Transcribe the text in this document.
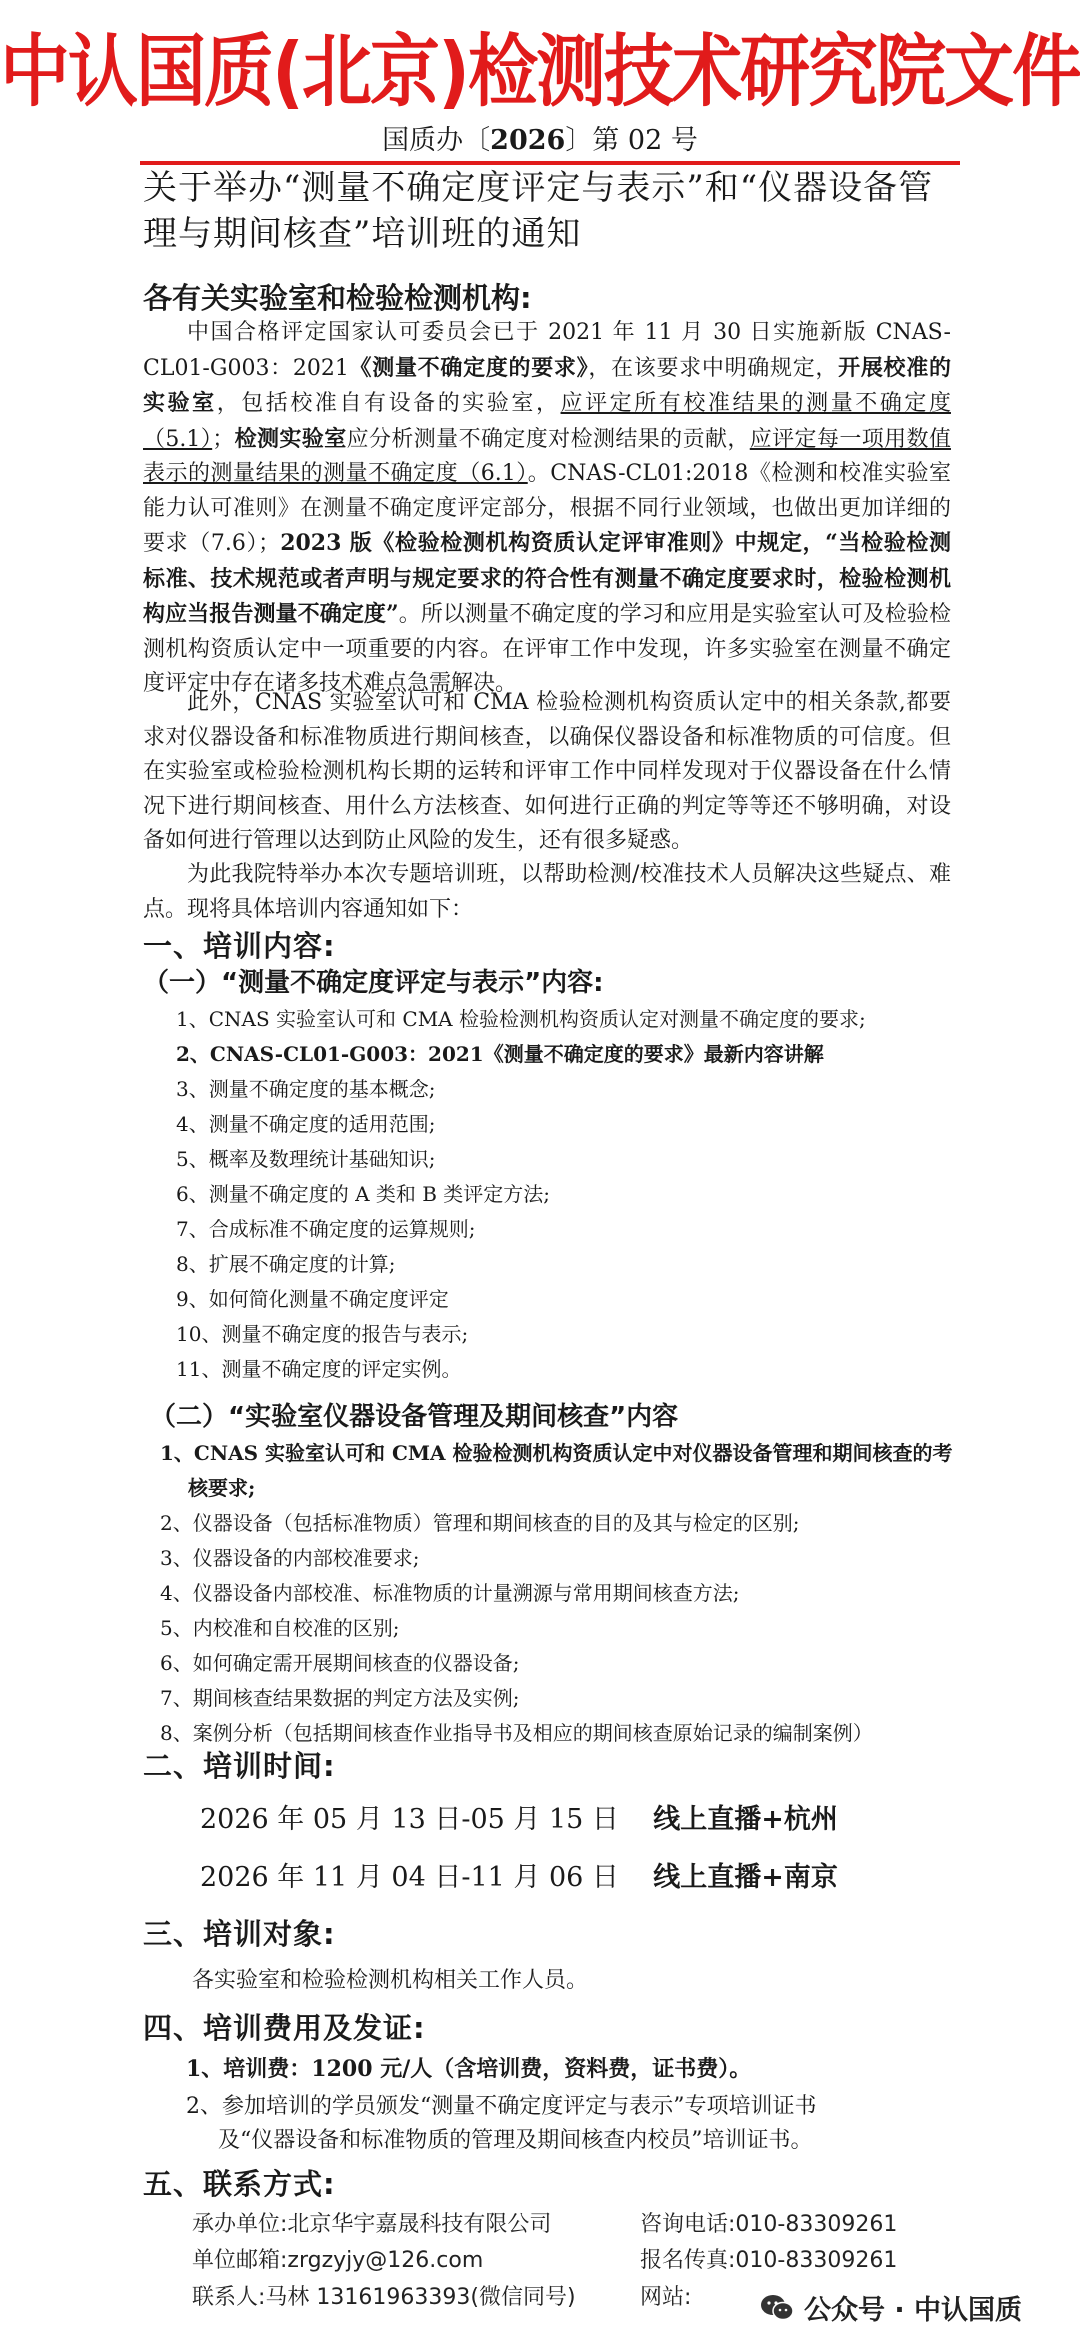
中认国质(北京)检测技术研究院文件
国质办〔2026〕第 02 号
关于举办“测量不确定度评定与表示”和“仪器设备管
理与期间核查”培训班的通知
各有关实验室和检验检测机构:

中国合格评定国家认可委员会已于 2021 年 11 月 30 日实施新版 CNAS-CL01-G003：2021《测量不确定度的要求》，在该要求中明确规定，开展校准的实验室，包括校准自有设备的实验室，应评定所有校准结果的测量不确定度（5.1）；检测实验室应分析测量不确定度对检测结果的贡献，应评定每一项用数值表示的测量结果的测量不确定度（6.1）。CNAS-CL01:2018《检测和校准实验室能力认可准则》在测量不确定度评定部分，根据不同行业领域，也做出更加详细的要求（7.6）；2023 版《检验检测机构资质认定评审准则》中规定，“当检验检测标准、技术规范或者声明与规定要求的符合性有测量不确定度要求时，检验检测机构应当报告测量不确定度”。所以测量不确定度的学习和应用是实验室认可及检验检测机构资质认定中一项重要的内容。在评审工作中发现，许多实验室在测量不确定度评定中存在诸多技术难点急需解决。

此外，CNAS 实验室认可和 CMA 检验检测机构资质认定中的相关条款,都要求对仪器设备和标准物质进行期间核查，以确保仪器设备和标准物质的可信度。但在实验室或检验检测机构长期的运转和评审工作中同样发现对于仪器设备在什么情况下进行期间核查、用什么方法核查、如何进行正确的判定等等还不够明确，对设备如何进行管理以达到防止风险的发生，还有很多疑惑。

为此我院特举办本次专题培训班，以帮助检测/校准技术人员解决这些疑点、难点。现将具体培训内容通知如下：

一、培训内容:
（一）“测量不确定度评定与表示”内容:
1、CNAS 实验室认可和 CMA 检验检测机构资质认定对测量不确定度的要求;
2、CNAS-CL01-G003：2021《测量不确定度的要求》最新内容讲解
3、测量不确定度的基本概念;
4、测量不确定度的适用范围;
5、概率及数理统计基础知识;
6、测量不确定度的 A 类和 B 类评定方法;
7、合成标准不确定度的运算规则;
8、扩展不确定度的计算;
9、如何简化测量不确定度评定
10、测量不确定度的报告与表示;
11、测量不确定度的评定实例。
（二）“实验室仪器设备管理及期间核查”内容
1、CNAS 实验室认可和 CMA 检验检测机构资质认定中对仪器设备管理和期间核查的考核要求;
2、仪器设备（包括标准物质）管理和期间核查的目的及其与检定的区别;
3、仪器设备的内部校准要求;
4、仪器设备内部校准、标准物质的计量溯源与常用期间核查方法;
5、内校准和自校准的区别;
6、如何确定需开展期间核查的仪器设备;
7、期间核查结果数据的判定方法及实例;
8、案例分析（包括期间核查作业指导书及相应的期间核查原始记录的编制案例）
二、培训时间:
2026 年 05 月 13 日-05 月 15 日 线上直播+杭州
2026 年 11 月 04 日-11 月 06 日 线上直播+南京
三、培训对象:
各实验室和检验检测机构相关工作人员。
四、培训费用及发证:
1、培训费：1200 元/人（含培训费，资料费，证书费）。
2、参加培训的学员颁发“测量不确定度评定与表示”专项培训证书
及“仪器设备和标准物质的管理及期间核查内校员”培训证书。
五、联系方式:
承办单位:北京华宇嘉晟科技有限公司	咨询电话:010-83309261
单位邮箱:zrgzyjy@126.com	报名传真:010-83309261
联系人:马林 13161963393(微信同号)	网站:	公众号 · 中认国质
